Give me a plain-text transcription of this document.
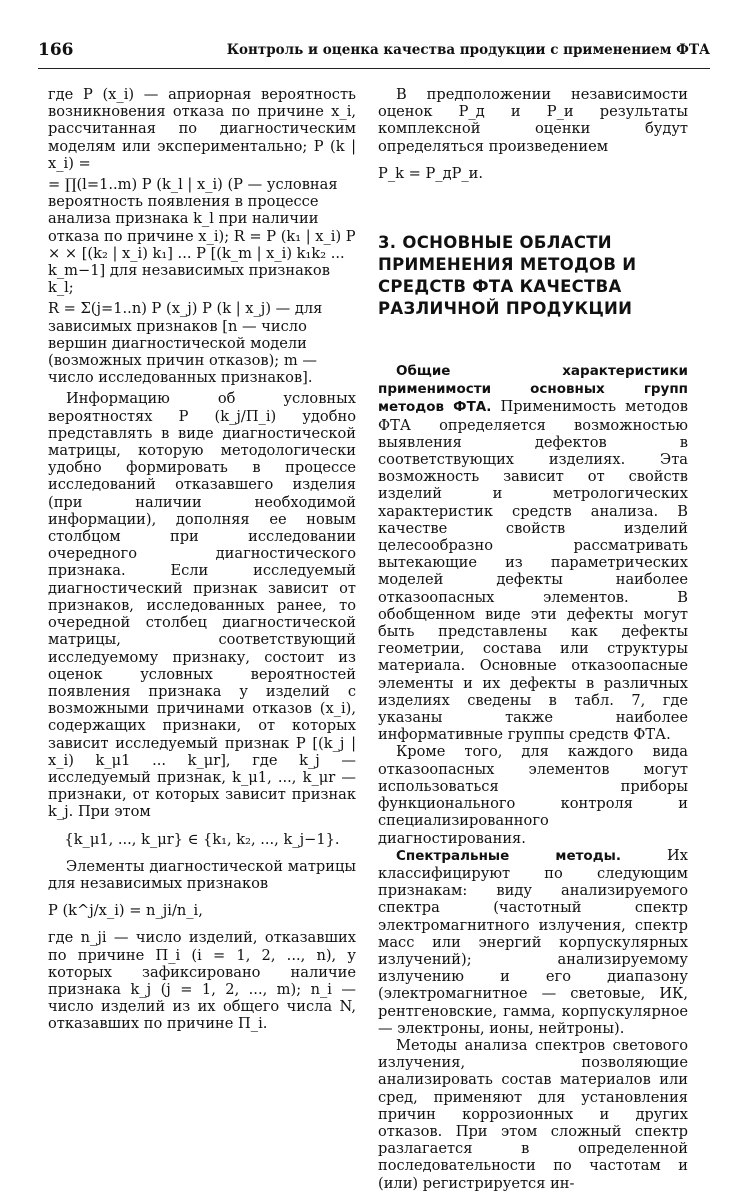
166	Контроль и оценка качества продукции с применением ФТА

где P (x_i) — априорная вероятность возникновения отказа по причине x_i, рассчитанная по диагностическим моделям или экспериментально; P (k | x_i) =

= ∏(l=1..m) P (k_l | x_i) (P — условная вероятность появления в процессе анализа признака k_l при наличии отказа по причине x_i); R = P (k₁ | x_i) P × × [(k₂ | x_i) k₁] ... P [(k_m | x_i) k₁k₂ ... k_m−1] для независимых признаков k_l;

R = Σ(j=1..n) P (x_j) P (k | x_j) — для зависимых признаков [n — число вершин диагностической модели (возможных причин отказов); m — число исследованных признаков].

Информацию об условных вероятностях P (k_j/П_i) удобно представлять в виде диагностической матрицы, которую методологически удобно формировать в процессе исследований отказавшего изделия (при наличии необходимой информации), дополняя ее новым столбцом при исследовании очередного диагностического признака. Если исследуемый диагностический признак зависит от признаков, исследованных ранее, то очередной столбец диагностической матрицы, соответствующий исследуемому признаку, состоит из оценок условных вероятностей появления признака у изделий с возможными причинами отказов (x_i), содержащих признаки, от которых зависит исследуемый признак P [(k_j | x_i) k_μ1 ... k_μr], где k_j — исследуемый признак, k_μ1, ..., k_μr — признаки, от которых зависит признак k_j. При этом

{k_μ1, ..., k_μr} ∈ {k₁, k₂, ..., k_j−1}.

Элементы диагностической матрицы для независимых признаков

P (k^j/x_i) = n_ji/n_i,

где n_ji — число изделий, отказавших по причине П_i (i = 1, 2, ..., n), у которых зафиксировано наличие признака k_j (j = 1, 2, ..., m); n_i — число изделий из их общего числа N, отказавших по причине П_i.

В предположении независимости оценок P_д и P_и результаты комплексной оценки будут определяться произведением

P_k = P_дP_и.

3. ОСНОВНЫЕ ОБЛАСТИ ПРИМЕНЕНИЯ МЕТОДОВ И СРЕДСТВ ФТА КАЧЕСТВА РАЗЛИЧНОЙ ПРОДУКЦИИ

Общие характеристики применимости основных групп методов ФТА. Применимость методов ФТА определяется возможностью выявления дефектов в соответствующих изделиях. Эта возможность зависит от свойств изделий и метрологических характеристик средств анализа. В качестве свойств изделий целесообразно рассматривать вытекающие из параметрических моделей дефекты наиболее отказоопасных элементов. В обобщенном виде эти дефекты могут быть представлены как дефекты геометрии, состава или структуры материала. Основные отказоопасные элементы и их дефекты в различных изделиях сведены в табл. 7, где указаны также наиболее информативные группы средств ФТА.

Кроме того, для каждого вида отказоопасных элементов могут использоваться приборы функционального контроля и специализированного диагностирования.

Спектральные методы.	Их классифицируют по следующим признакам: виду анализируемого спектра (частотный спектр электромагнитного излучения, спектр масс или энергий корпускулярных излучений); анализируемому излучению и его диапазону (электромагнитное — световые, ИК, рентгеновские, гамма, корпускулярное — электроны, ионы, нейтроны).

Методы анализа спектров светового излучения, позволяющие анализировать состав материалов или сред, применяют для установления причин коррозионных и других отказов. При этом сложный спектр разлагается в определенной последовательности по частотам и (или) регистрируется ин-
